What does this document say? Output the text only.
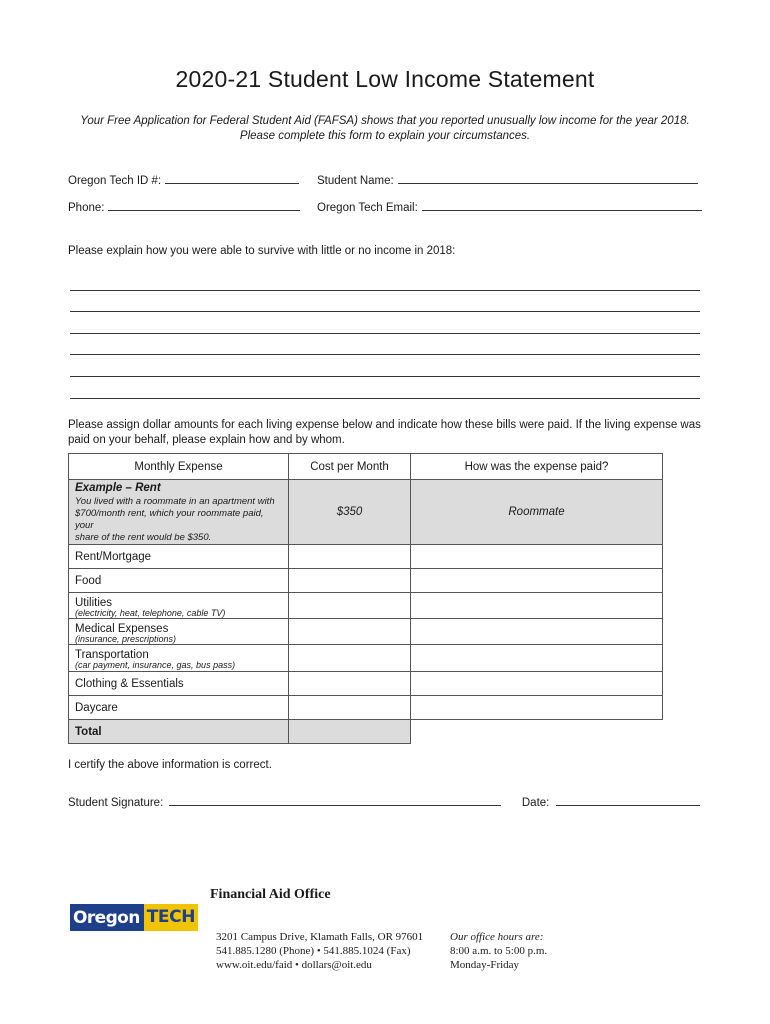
2020-21 Student Low Income Statement
Your Free Application for Federal Student Aid (FAFSA) shows that you reported unusually low income for the year 2018.
Please complete this form to explain your circumstances.
Oregon Tech ID #:	Student Name:
Phone:	Oregon Tech Email:
Please explain how you were able to survive with little or no income in 2018:
Please assign dollar amounts for each living expense below and indicate how these bills were paid. If the living expense was
paid on your behalf, please explain how and by whom.
Monthly Expense	Cost per Month	How was the expense paid?

Example – Rent
You lived with a roommate in an apartment with
$700/month rent, which your roommate paid, your
share of the rent would be $350.	$350	Roommate
Rent/Mortgage		
Food		

Utilities
(electricity, heat, telephone, cable TV)		

Medical Expenses
(insurance, prescriptions)		

Transportation
(car payment, insurance, gas, bus pass)		

Clothing & Essentials		
Daycare		
Total		
I certify the above information is correct.
Student Signature:	Date:
Financial Aid Office
Oregon TECH
3201 Campus Drive, Klamath Falls, OR 97601
541.885.1280 (Phone) • 541.885.1024 (Fax)
www.oit.edu/faid • dollars@oit.edu
Our office hours are:
8:00 a.m. to 5:00 p.m.
Monday-Friday
